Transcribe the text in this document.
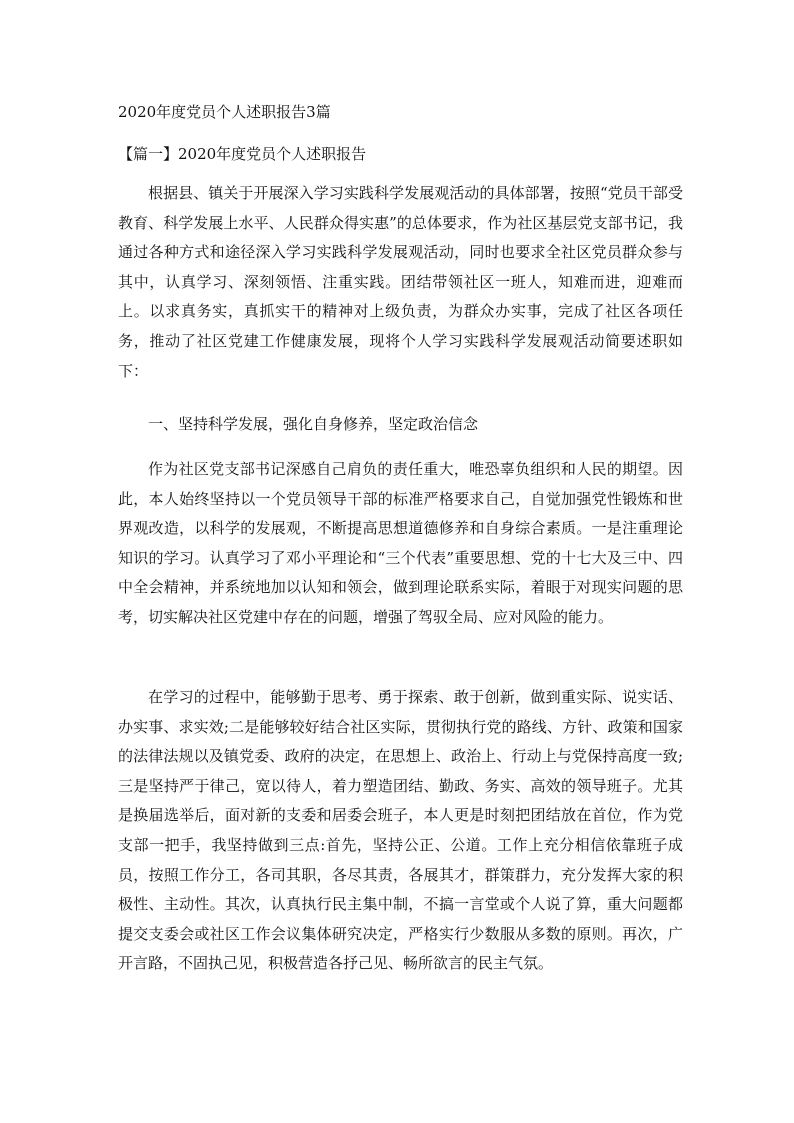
2020年度党员个人述职报告3篇
【篇一】2020年度党员个人述职报告

根据县、镇关于开展深入学习实践科学发展观活动的具体部署，按照“党员干部受教育、科学发展上水平、人民群众得实惠”的总体要求，作为社区基层党支部书记，我通过各种方式和途径深入学习实践科学发展观活动，同时也要求全社区党员群众参与其中，认真学习、深刻领悟、注重实践。团结带领社区一班人，知难而进，迎难而上。以求真务实，真抓实干的精神对上级负责，为群众办实事，完成了社区各项任务，推动了社区党建工作健康发展，现将个人学习实践科学发展观活动简要述职如下：

一、坚持科学发展，强化自身修养，坚定政治信念

作为社区党支部书记深感自己肩负的责任重大，唯恐辜负组织和人民的期望。因此，本人始终坚持以一个党员领导干部的标准严格要求自己，自觉加强党性锻炼和世界观改造，以科学的发展观，不断提高思想道德修养和自身综合素质。一是注重理论知识的学习。认真学习了邓小平理论和“三个代表”重要思想、党的十七大及三中、四中全会精神，并系统地加以认知和领会，做到理论联系实际，着眼于对现实问题的思考，切实解决社区党建中存在的问题，增强了驾驭全局、应对风险的能力。

在学习的过程中，能够勤于思考、勇于探索、敢于创新，做到重实际、说实话、办实事、求实效;二是能够较好结合社区实际，贯彻执行党的路线、方针、政策和国家的法律法规以及镇党委、政府的决定，在思想上、政治上、行动上与党保持高度一致;三是坚持严于律己，宽以待人，着力塑造团结、勤政、务实、高效的领导班子。尤其是换届选举后，面对新的支委和居委会班子，本人更是时刻把团结放在首位，作为党支部一把手，我坚持做到三点:首先，坚持公正、公道。工作上充分相信依靠班子成员，按照工作分工，各司其职，各尽其责，各展其才，群策群力，充分发挥大家的积极性、主动性。其次，认真执行民主集中制，不搞一言堂或个人说了算，重大问题都提交支委会或社区工作会议集体研究决定，严格实行少数服从多数的原则。再次，广开言路，不固执己见，积极营造各抒己见、畅所欲言的民主气氛。
